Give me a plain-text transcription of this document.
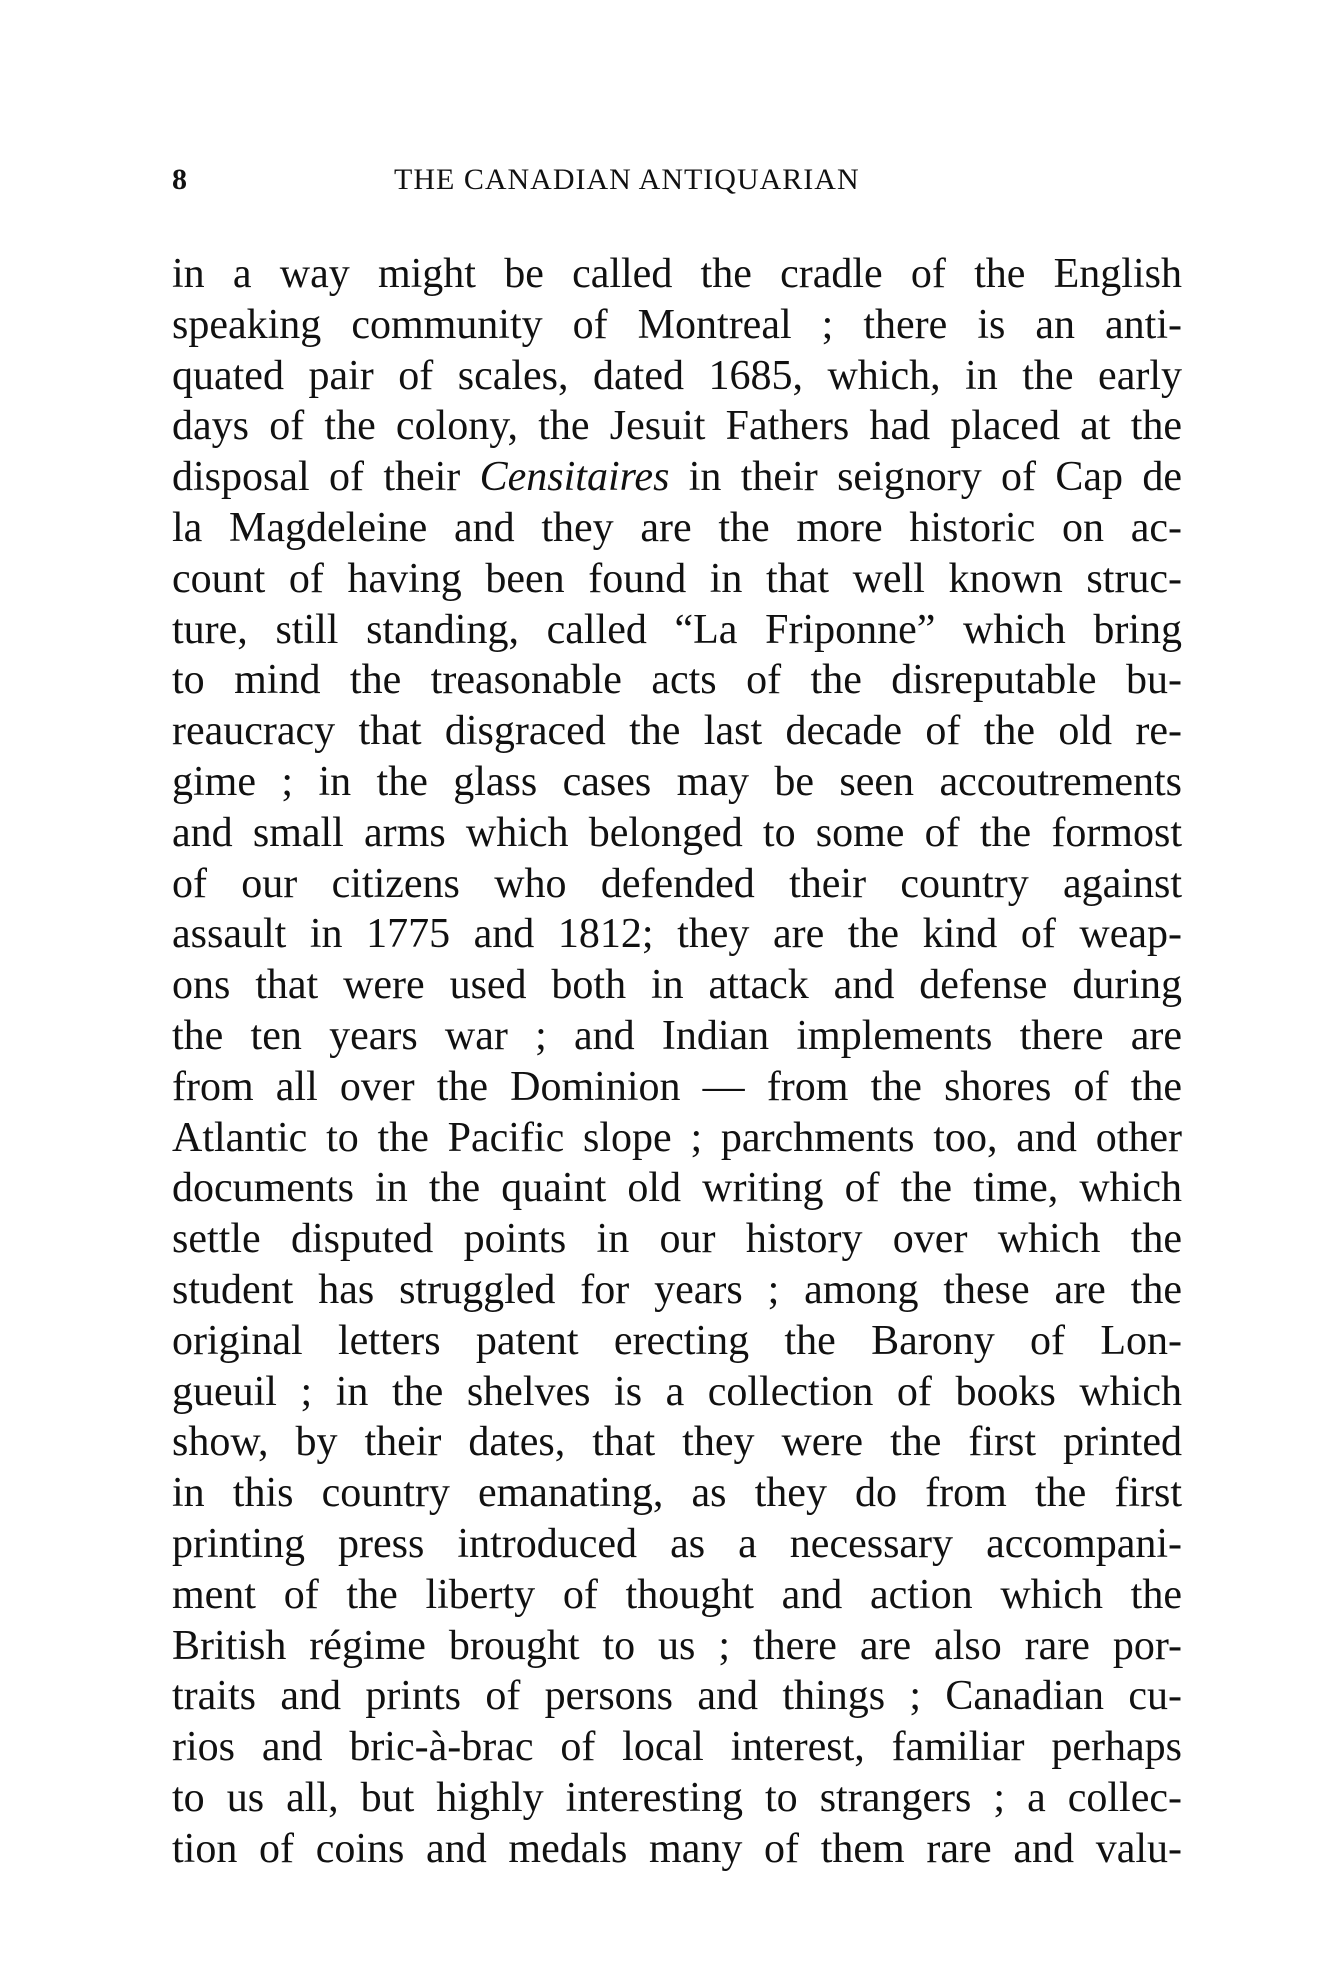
8	THE CANADIAN ANTIQUARIAN
in a way might be called the cradle of the English
speaking community of Montreal ; there is an anti-
quated pair of scales, dated 1685, which, in the early
days of the colony, the Jesuit Fathers had placed at the
disposal of their Censitaires in their seignory of Cap de
la Magdeleine and they are the more historic on ac-
count of having been found in that well known struc-
ture, still standing, called “La Friponne” which bring
to mind the treasonable acts of the disreputable bu-
reaucracy that disgraced the last decade of the old re-
gime ; in the glass cases may be seen accoutrements
and small arms which belonged to some of the formost
of our citizens who defended their country against
assault in 1775 and 1812; they are the kind of weap-
ons that were used both in attack and defense during
the ten years war ; and Indian implements there are
from all over the Dominion — from the shores of the
Atlantic to the Pacific slope ; parchments too, and other
documents in the quaint old writing of the time, which
settle disputed points in our history over which the
student has struggled for years ; among these are the
original letters patent erecting the Barony of Lon-
gueuil ; in the shelves is a collection of books which
show, by their dates, that they were the first printed
in this country emanating, as they do from the first
printing press introduced as a necessary accompani-
ment of the liberty of thought and action which the
British régime brought to us ; there are also rare por-
traits and prints of persons and things ; Canadian cu-
rios and bric-à-brac of local interest, familiar perhaps
to us all, but highly interesting to strangers ; a collec-
tion of coins and medals many of them rare and valu-
